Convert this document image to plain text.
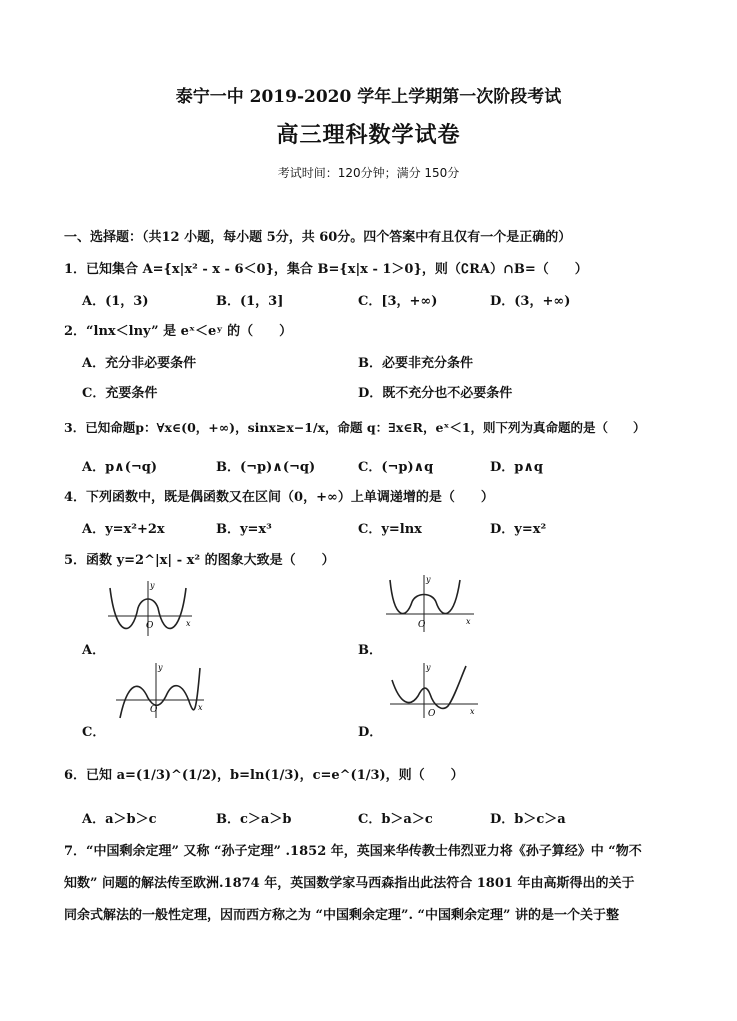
泰宁一中 2019-2020 学年上学期第一次阶段考试
高三理科数学试卷
考试时间：120分钟；满分 150分
一、选择题：（共12 小题，每小题 5分，共 60分。四个答案中有且仅有一个是正确的）
1．已知集合 A={x|x² - x - 6＜0}，集合 B={x|x - 1＞0}，则（∁RA）∩B=（　　）
A．(1，3)	B．(1，3]	C．[3，+∞)	D．(3，+∞)
2．“lnx＜lny” 是 eˣ＜eʸ 的（　　）
A．充分非必要条件	B．必要非充分条件
C．充要条件	D．既不充分也不必要条件
3．已知命题p：∀x∈(0，+∞)，sinx≥x−1/x，命题 q：∃x∈R，eˣ＜1，则下列为真命题的是（　　）
A．p∧(¬q)	B．(¬p)∧(¬q)	C．(¬p)∧q	D．p∧q
4．下列函数中，既是偶函数又在区间（0，+∞）上单调递增的是（　　）
A．y=x²+2x	B．y=x³	C．y=lnx	D．y=x²
5．函数 y=2^|x| - x² 的图象大致是（　　）
y
x
O
A．
y
x
O
B．
y
x
O
C．
y
x
O
D．
6．已知 a=(1/3)^(1/2)，b=ln(1/3)，c=e^(1/3)，则（　　）
A．a＞b＞c	B．c＞a＞b	C．b＞a＞c	D．b＞c＞a
7．“中国剩余定理” 又称 “孙子定理” .1852 年，英国来华传教士伟烈亚力将《孙子算经》中 “物不
知数” 问题的解法传至欧洲.1874 年，英国数学家马西森指出此法符合 1801 年由高斯得出的关于
同余式解法的一般性定理，因而西方称之为 “中国剩余定理”. “中国剩余定理” 讲的是一个关于整
